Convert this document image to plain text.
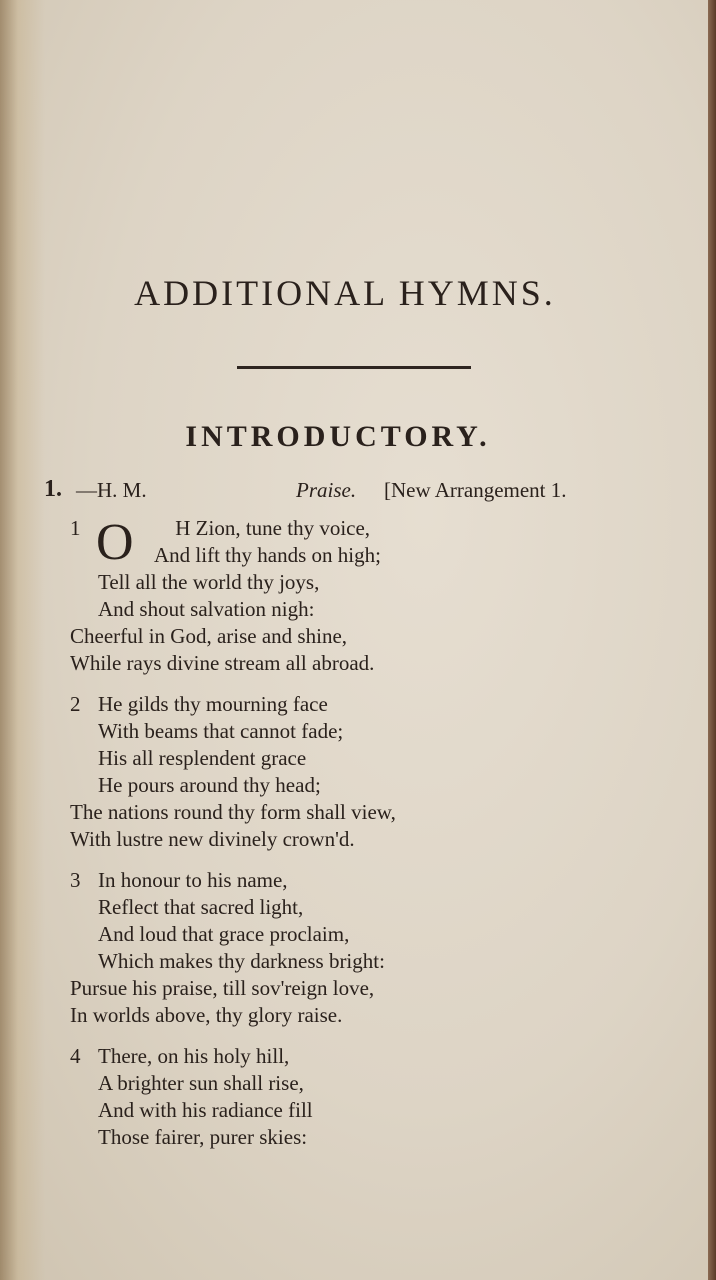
ADDITIONAL HYMNS.
INTRODUCTORY.
1. —H. M.	Praise. [New Arrangement 1.
1 O H Zion, tune thy voice,
And lift thy hands on high;
Tell all the world thy joys,
And shout salvation nigh:
Cheerful in God, arise and shine,
While rays divine stream all abroad.
2 He gilds thy mourning face
With beams that cannot fade;
His all resplendent grace
He pours around thy head;
The nations round thy form shall view,
With lustre new divinely crown'd.
3 In honour to his name,
Reflect that sacred light,
And loud that grace proclaim,
Which makes thy darkness bright:
Pursue his praise, till sov'reign love,
In worlds above, thy glory raise.
4 There, on his holy hill,
A brighter sun shall rise,
And with his radiance fill
Those fairer, purer skies:
